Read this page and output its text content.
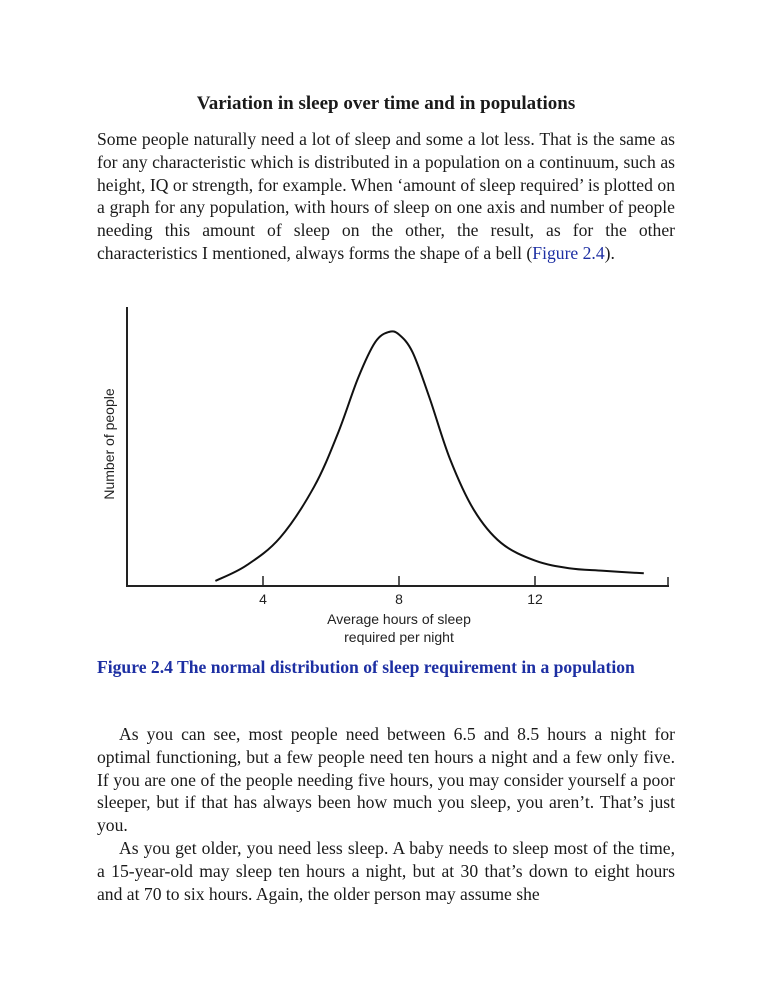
Variation in sleep over time and in populations

Some people naturally need a lot of sleep and some a lot less. That is the same as for any characteristic which is distributed in a population on a continuum, such as height, IQ or strength, for example. When ‘amount of sleep required’ is plotted on a graph for any population, with hours of sleep on one axis and number of people needing this amount of sleep on the other, the result, as for the other characteristics I mentioned, always forms the shape of a bell (Figure 2.4).

4	8	12
Average hours of sleep
required per night
Number of people

Figure 2.4 The normal distribution of sleep requirement in a population

As you can see, most people need between 6.5 and 8.5 hours a night for optimal functioning, but a few people need ten hours a night and a few only five. If you are one of the people needing five hours, you may consider yourself a poor sleeper, but if that has always been how much you sleep, you aren’t. That’s just you.

As you get older, you need less sleep. A baby needs to sleep most of the time, a 15-year-old may sleep ten hours a night, but at 30 that’s down to eight hours and at 70 to six hours. Again, the older person may assume she
